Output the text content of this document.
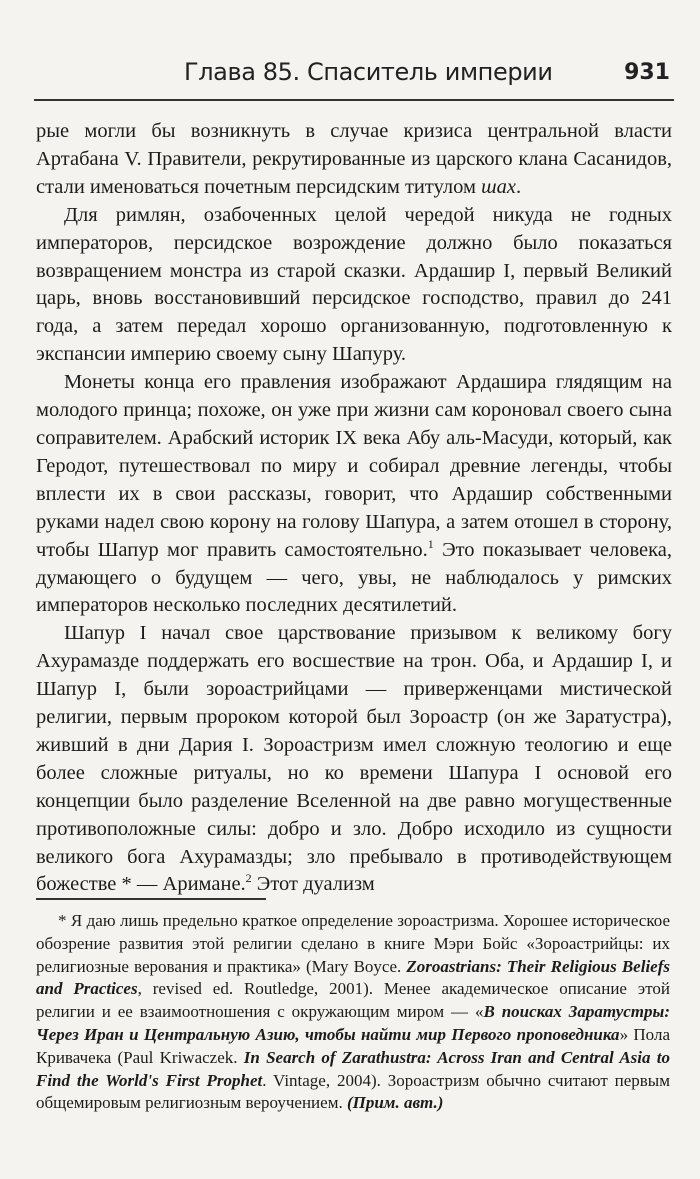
Глава 85. Спаситель империи	931

рые могли бы возникнуть в случае кризиса центральной власти Артабана V. Правители, рекрутированные из царского клана Сасанидов, стали именоваться почетным персидским титулом шах.

Для римлян, озабоченных целой чередой никуда не годных императоров, персидское возрождение должно было показаться возвращением монстра из старой сказки. Ардашир I, первый Великий царь, вновь восстановивший персидское господство, правил до 241 года, а затем передал хорошо организованную, подготовленную к экспансии империю своему сыну Шапуру.

Монеты конца его правления изображают Ардашира глядящим на молодого принца; похоже, он уже при жизни сам короновал своего сына соправителем. Арабский историк IX века Абу аль-Масуди, который, как Геродот, путешествовал по миру и собирал древние легенды, чтобы вплести их в свои рассказы, говорит, что Ардашир собственными руками надел свою корону на голову Шапура, а затем отошел в сторону, чтобы Шапур мог править самостоятельно.$^1$ Это показывает человека, думающего о будущем — чего, увы, не наблюдалось у римских императоров несколько последних десятилетий.

Шапур I начал свое царствование призывом к великому богу Ахурамазде поддержать его восшествие на трон. Оба, и Ардашир I, и Шапур I, были зороастрийцами — приверженцами мистической религии, первым пророком которой был Зороастр (он же Заратустра), живший в дни Дария I. Зороастризм имел сложную теологию и еще более сложные ритуалы, но ко времени Шапура I основой его концепции было разделение Вселенной на две равно могущественные противоположные силы: добро и зло. Добро исходило из сущности великого бога Ахурамазды; зло пребывало в противодействующем божестве * — Аримане.$^2$ Этот дуализм

* Я даю лишь предельно краткое определение зороастризма. Хорошее историческое обозрение развития этой религии сделано в книге Мэри Бойс «Зороастрийцы: их религиозные верования и практика» (Mary Boyce. Zoroastrians: Their Religious Beliefs and Practices, revised ed. Routledge, 2001). Менее академическое описание этой религии и ее взаимоотношения с окружающим миром — «В поисках Заратустры: Через Иран и Центральную Азию, чтобы найти мир Первого проповедника» Пола Кривачека (Paul Kriwaczek. In Search of Zarathustra: Across Iran and Central Asia to Find the World's First Prophet. Vintage, 2004). Зороастризм обычно считают первым общемировым религиозным вероучением. (Прим. авт.)
